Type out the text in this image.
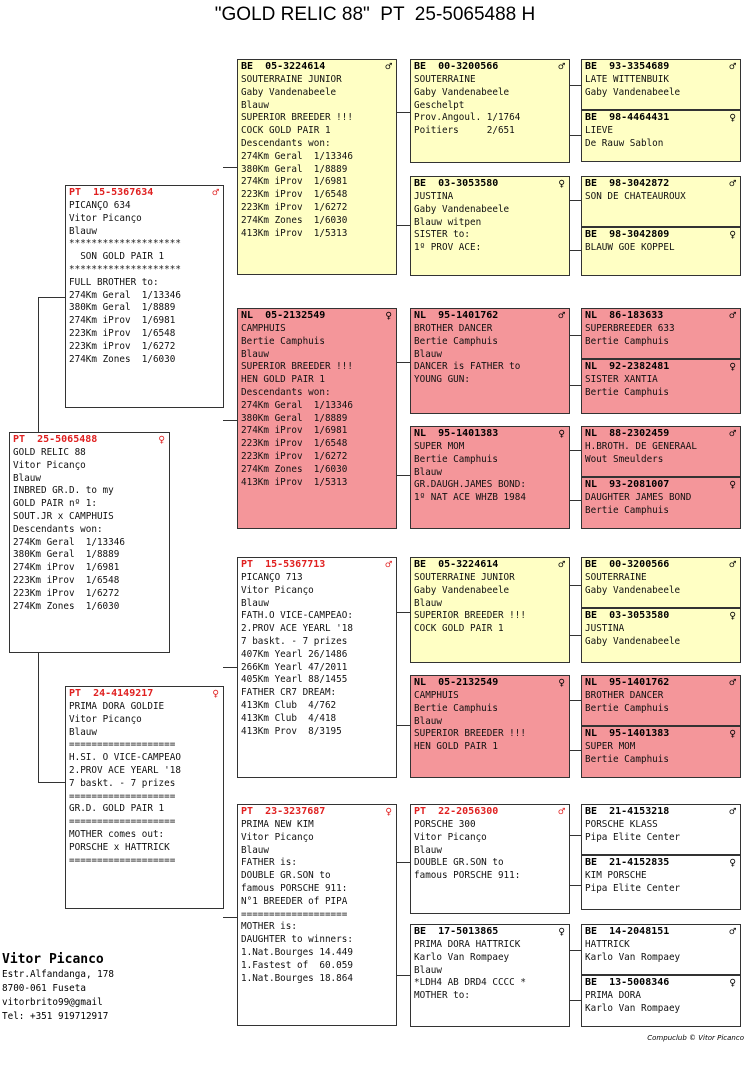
"GOLD RELIC 88"  PT  25-5065488 H
PT  25-5065488	♀
GOLD RELIC 88
Vitor Picanço
Blauw
INBRED GR.D. to my
GOLD PAIR nº 1:
SOUT.JR x CAMPHUIS
Descendants won:
274Km Geral  1/13346
380Km Geral  1/8889
274Km iProv  1/6981
223Km iProv  1/6548
223Km iProv  1/6272
274Km Zones  1/6030
PT  15-5367634	♂
PICANÇO 634
Vitor Picanço
Blauw
********************
SON GOLD PAIR 1
********************
FULL BROTHER to:
274Km Geral  1/13346
380Km Geral  1/8889
274Km iProv  1/6981
223Km iProv  1/6548
223Km iProv  1/6272
274Km Zones  1/6030
PT  24-4149217	♀
PRIMA DORA GOLDIE
Vitor Picanço
Blauw
===================
H.SI. O VICE-CAMPEAO
2.PROV ACE YEARL '18
7 baskt. - 7 prizes
===================
GR.D. GOLD PAIR 1
===================
MOTHER comes out:
PORSCHE x HATTRICK
===================
BE  05-3224614	♂
SOUTERRAINE JUNIOR
Gaby Vandenabeele
Blauw
SUPERIOR BREEDER !!!
COCK GOLD PAIR 1
Descendants won:
274Km Geral  1/13346
380Km Geral  1/8889
274Km iProv  1/6981
223Km iProv  1/6548
223Km iProv  1/6272
274Km Zones  1/6030
413Km iProv  1/5313
NL  05-2132549	♀
CAMPHUIS
Bertie Camphuis
Blauw
SUPERIOR BREEDER !!!
HEN GOLD PAIR 1
Descendants won:
274Km Geral  1/13346
380Km Geral  1/8889
274Km iProv  1/6981
223Km iProv  1/6548
223Km iProv  1/6272
274Km Zones  1/6030
413Km iProv  1/5313
PT  15-5367713	♂
PICANÇO 713
Vitor Picanço
Blauw
FATH.O VICE-CAMPEAO:
2.PROV ACE YEARL '18
7 baskt. - 7 prizes
407Km Yearl 26/1486
266Km Yearl 47/2011
405Km Yearl 88/1455
FATHER CR7 DREAM:
413Km Club  4/762
413Km Club  4/418
413Km Prov  8/3195
PT  23-3237687	♀
PRIMA NEW KIM
Vitor Picanço
Blauw
FATHER is:
DOUBLE GR.SON to
famous PORSCHE 911:
N°1 BREEDER of PIPA
===================
MOTHER is:
DAUGHTER to winners:
1.Nat.Bourges 14.449
1.Fastest of  60.059
1.Nat.Bourges 18.864
BE  00-3200566	♂
SOUTERRAINE
Gaby Vandenabeele
Geschelpt
Prov.Angoul. 1/1764
Poitiers     2/651
BE  03-3053580	♀
JUSTINA
Gaby Vandenabeele
Blauw witpen
SISTER to:
1º PROV ACE:
NL  95-1401762	♂
BROTHER DANCER
Bertie Camphuis
Blauw
DANCER is FATHER to
YOUNG GUN:
NL  95-1401383	♀
SUPER MOM
Bertie Camphuis
Blauw
GR.DAUGH.JAMES BOND:
1º NAT ACE WHZB 1984
BE  05-3224614	♂
SOUTERRAINE JUNIOR
Gaby Vandenabeele
Blauw
SUPERIOR BREEDER !!!
COCK GOLD PAIR 1
NL  05-2132549	♀
CAMPHUIS
Bertie Camphuis
Blauw
SUPERIOR BREEDER !!!
HEN GOLD PAIR 1
PT  22-2056300	♂
PORSCHE 300
Vitor Picanço
Blauw
DOUBLE GR.SON to
famous PORSCHE 911:
BE  17-5013865	♀
PRIMA DORA HATTRICK
Karlo Van Rompaey
Blauw
*LDH4 AB DRD4 CCCC *
MOTHER to:
BE  93-3354689	♂
LATE WITTENBUIK
Gaby Vandenabeele
BE  98-4464431	♀
LIEVE
De Rauw Sablon
BE  98-3042872	♂
SON DE CHATEAUROUX
BE  98-3042809	♀
BLAUW GOE KOPPEL
NL  86-183633	♂
SUPERBREEDER 633
Bertie Camphuis
NL  92-2382481	♀
SISTER XANTIA
Bertie Camphuis
NL  88-2302459	♂
H.BROTH. DE GENERAAL
Wout Smeulders
NL  93-2081007	♀
DAUGHTER JAMES BOND
Bertie Camphuis
BE  00-3200566	♂
SOUTERRAINE
Gaby Vandenabeele
BE  03-3053580	♀
JUSTINA
Gaby Vandenabeele
NL  95-1401762	♂
BROTHER DANCER
Bertie Camphuis
NL  95-1401383	♀
SUPER MOM
Bertie Camphuis
BE  21-4153218	♂
PORSCHE KLASS
Pipa Elite Center
BE  21-4152835	♀
KIM PORSCHE
Pipa Elite Center
BE  14-2048151	♂
HATTRICK
Karlo Van Rompaey
BE  13-5008346	♀
PRIMA DORA
Karlo Van Rompaey
Vitor Picanco
Estr.Alfandanga, 178
8700-061 Fuseta
vitorbrito99@gmail
Tel: +351 919712917
Compuclub © Vitor Picanco
